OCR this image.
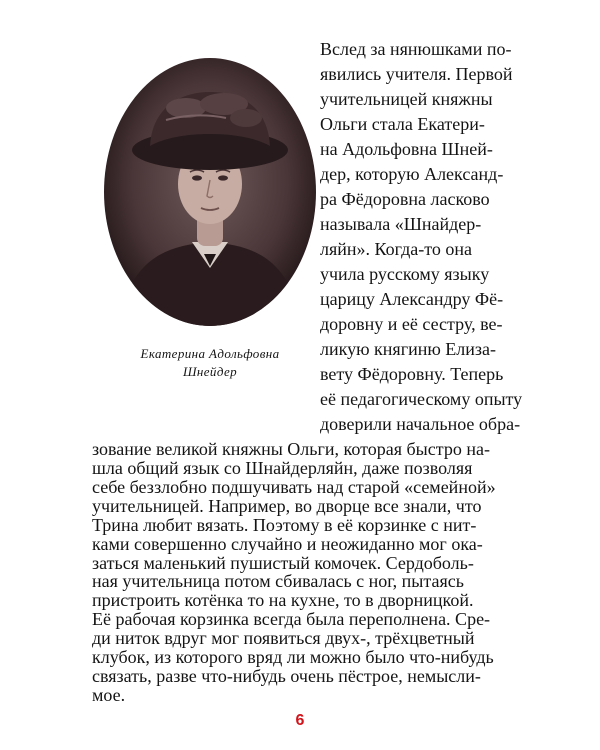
Екатерина Адольфовна
Шнейдер
Вслед за нянюшками по-
явились учителя. Первой
учительницей княжны
Ольги стала Екатери-
на Адольфовна Шней-
дер, которую Александ-
ра Фёдоровна ласково
называла «Шнайдер-
ляйн». Когда-то она
учила русскому языку
царицу Александру Фё-
доровну и её сестру, ве-
ликую княгиню Елиза-
вету Фёдоровну. Теперь
её педагогическому опыту
доверили начальное обра-
зование великой княжны Ольги, которая быстро на-
шла общий язык со Шнайдерляйн, даже позволяя
себе беззлобно подшучивать над старой «семейной»
учительницей. Например, во дворце все знали, что
Трина любит вязать. Поэтому в её корзинке с нит-
ками совершенно случайно и неожиданно мог ока-
заться маленький пушистый комочек. Сердоболь-
ная учительница потом сбивалась с ног, пытаясь
пристроить котёнка то на кухне, то в дворницкой.
Её рабочая корзинка всегда была переполнена. Сре-
ди ниток вдруг мог появиться двух-, трёхцветный
клубок, из которого вряд ли можно было что-нибудь
связать, разве что-нибудь очень пёстрое, немысли-
мое.
6
